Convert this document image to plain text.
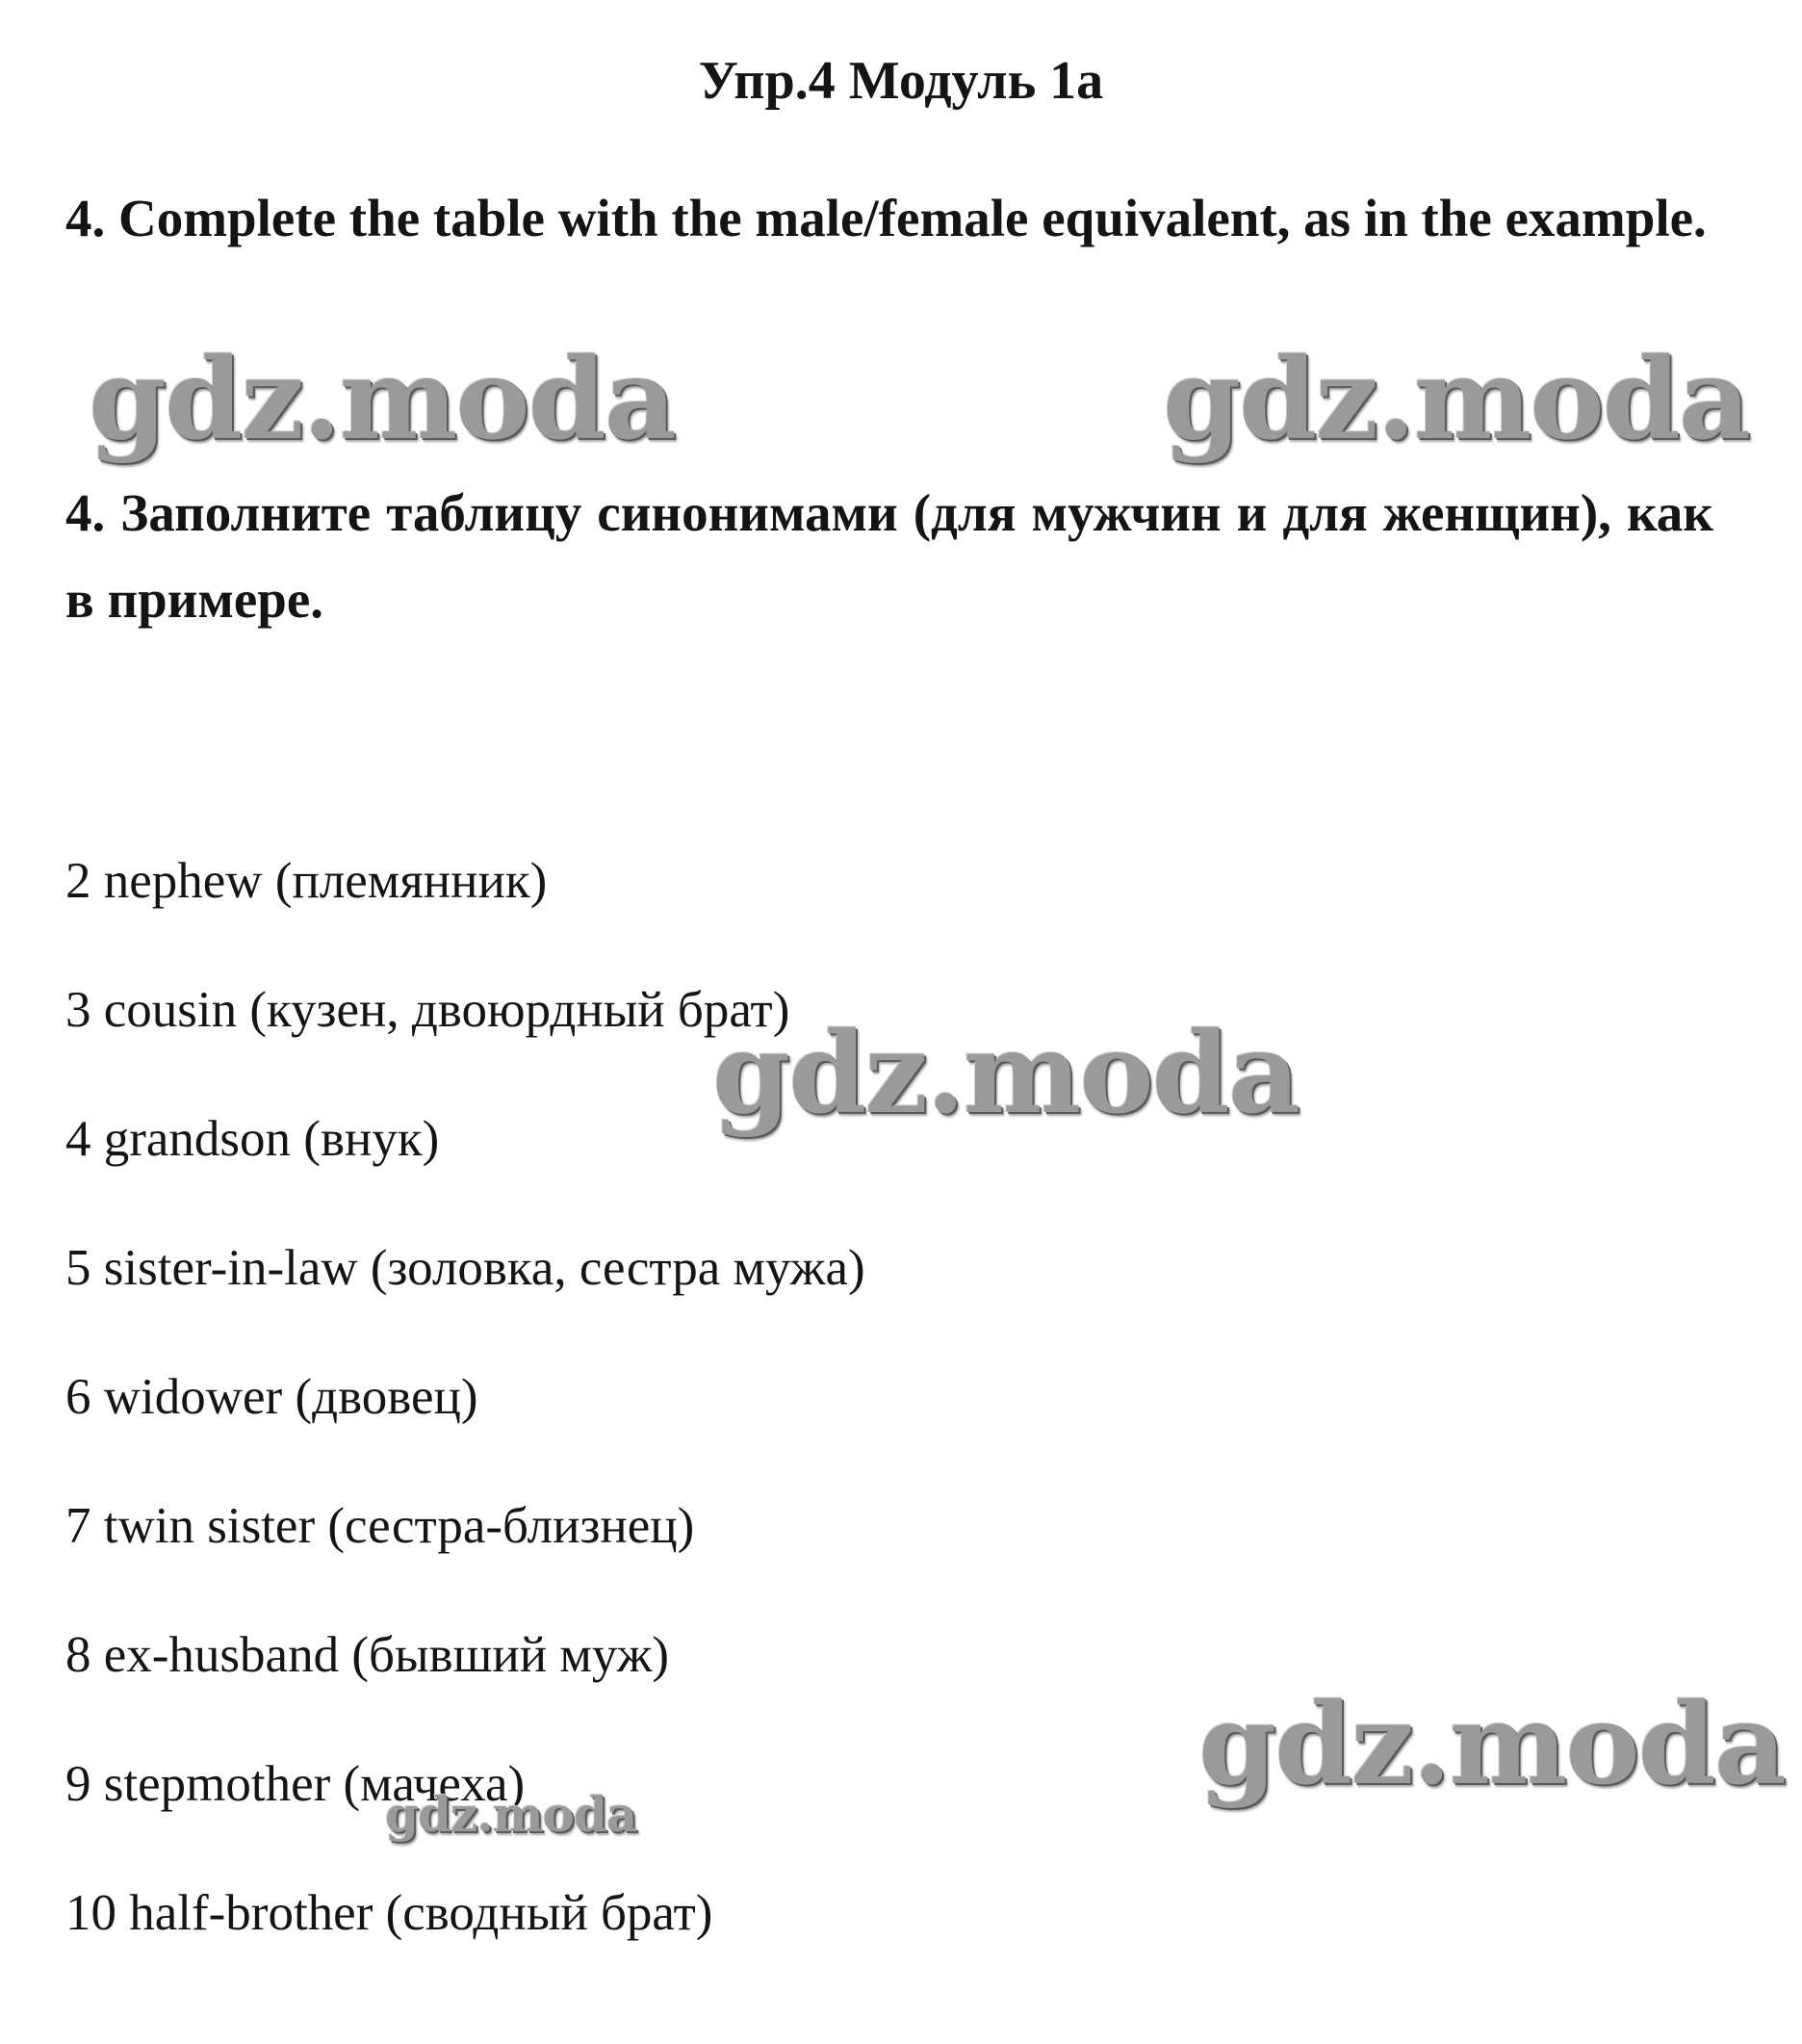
Упр.4 Модуль 1а
4. Complete the table with the male/female equivalent, as in the example.
4. Заполните таблицу синонимами (для мужчин и для женщин), как в примере.
2 nephew (племянник)
3 cousin (кузен, двоюрдный брат)
4 grandson (внук)
5 sister-in-law (золовка, сестра мужа)
6 widower (двовец)
7 twin sister (сестра-близнец)
8 ex-husband (бывший муж)
9 stepmother (мачеха)
10 half-brother (сводный брат)
gdz.moda	gdz.moda
gdz.moda
gdz.moda
gdz.moda
